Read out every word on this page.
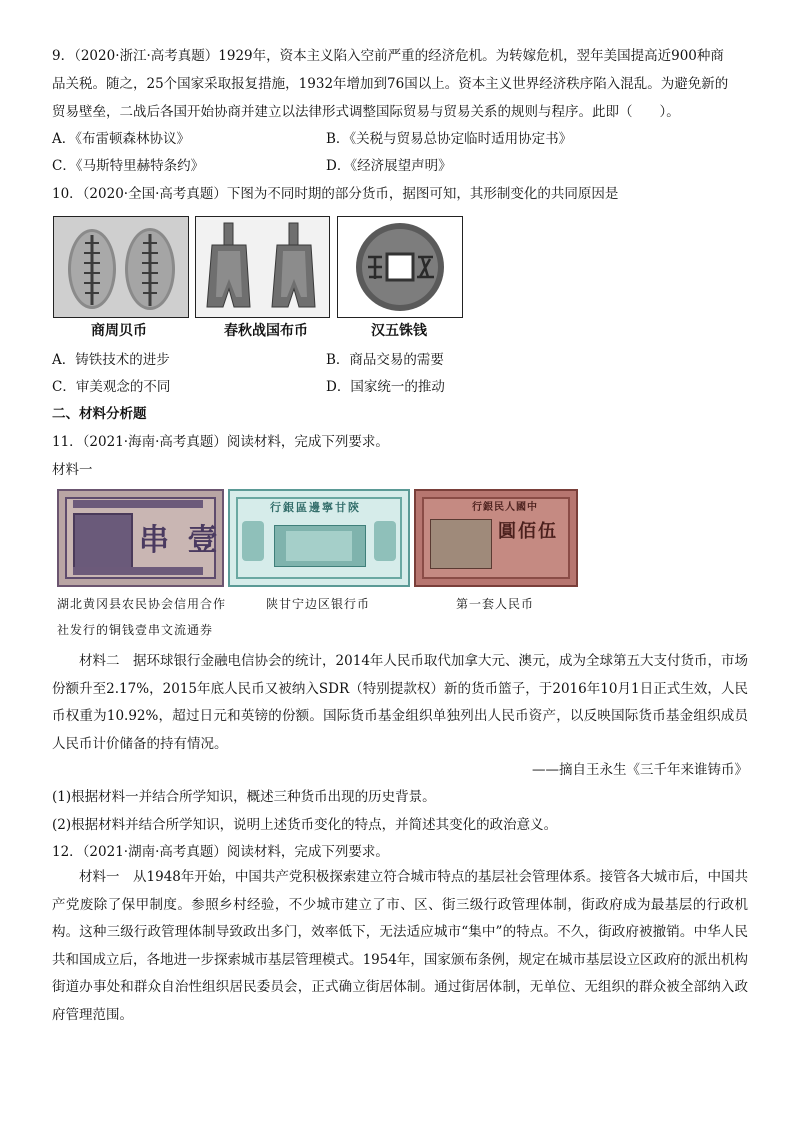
9．（2020·浙江·高考真题）1929年，资本主义陷入空前严重的经济危机。为转嫁危机，翌年美国提高近900种商
品关税。随之，25个国家采取报复措施，1932年增加到76国以上。资本主义世界经济秩序陷入混乱。为避免新的
贸易壁垒，二战后各国开始协商并建立以法律形式调整国际贸易与贸易关系的规则与程序。此即（　　）。
A．《布雷顿森林协议》	B．《关税与贸易总协定临时适用协定书》
C．《马斯特里赫特条约》	D．《经济展望声明》
10．（2020·全国·高考真题）下图为不同时期的部分货币，据图可知，其形制变化的共同原因是
商周贝币	春秋战国布币	汉五铢钱
A．铸铁技术的进步	B．商品交易的需要
C．审美观念的不同	D．国家统一的推动
二、材料分析题
11．（2021·海南·高考真题）阅读材料，完成下列要求。
材料一
串 壹
行銀區邊寧甘陝	行銀民人國中
圓佰伍
湖北黄冈县农民协会信用合作
社发行的铜钱壹串文流通券
陕甘宁边区银行币	第一套人民币
材料二　据环球银行金融电信协会的统计，2014年人民币取代加拿大元、澳元，成为全球第五大支付货币，市场份额升至2.17%，2015年底人民币又被纳入SDR（特别提款权）新的货币篮子，于2016年10月1日正式生效，人民币权重为10.92%，超过日元和英镑的份额。国际货币基金组织单独列出人民币资产，以反映国际货币基金组织成员人民币计价储备的持有情况。
——摘自王永生《三千年来谁铸币》
(1)根据材料一并结合所学知识，概述三种货币出现的历史背景。
(2)根据材料并结合所学知识，说明上述货币变化的特点，并简述其变化的政治意义。
12．（2021·湖南·高考真题）阅读材料，完成下列要求。
材料一　从1948年开始，中国共产党积极探索建立符合城市特点的基层社会管理体系。接管各大城市后，中国共产党废除了保甲制度。参照乡村经验，不少城市建立了市、区、街三级行政管理体制，街政府成为最基层的行政机构。这种三级行政管理体制导致政出多门，效率低下，无法适应城市“集中”的特点。不久，街政府被撤销。中华人民共和国成立后，各地进一步探索城市基层管理模式。1954年，国家颁布条例，规定在城市基层设立区政府的派出机构街道办事处和群众自治性组织居民委员会，正式确立街居体制。通过街居体制，无单位、无组织的群众被全部纳入政府管理范围。
